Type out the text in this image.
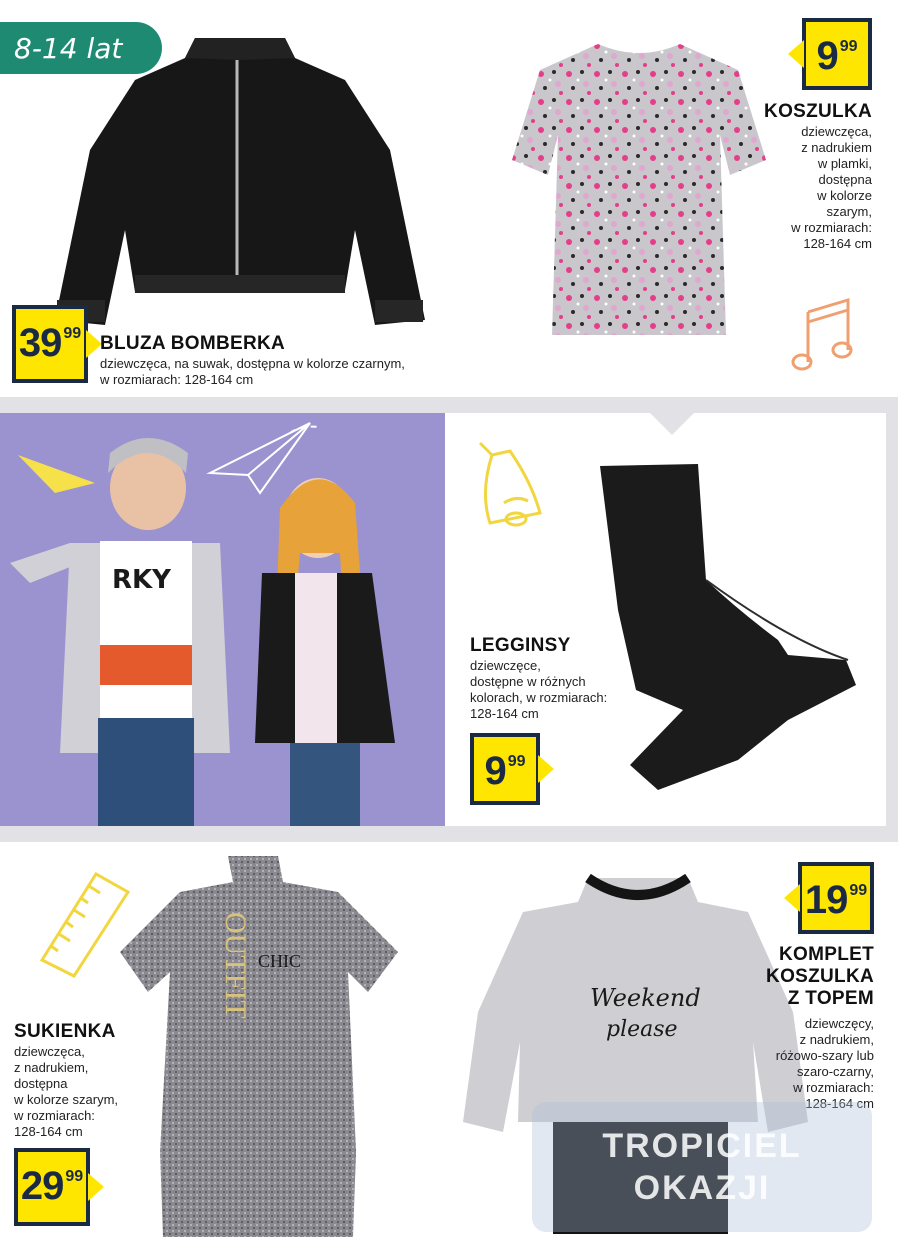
8-14 lat
39 99 BLUZA BOMBERKA
dziewczęca, na suwak, dostępna w kolorze czarnym,
w rozmiarach: 128-164 cm
9 99
KOSZULKA
dziewczęca,
z nadrukiem
w plamki,
dostępna
w kolorze
szarym,
w rozmiarach:
128-164 cm
RKY
LEGGINSY
dziewczęce,
dostępne w różnych
kolorach, w rozmiarach:
128-164 cm
9 99
OUTFIT CHIC
SUKIENKA
dziewczęca,
z nadrukiem,
dostępna
w kolorze szarym,
w rozmiarach:
128-164 cm
29 99
Weekend
please
19 99
KOMPLET
KOSZULKA
Z TOPEM
dziewczęcy,
z nadrukiem,
różowo-szary lub
szaro-czarny,
w rozmiarach:
128-164 cm
TROPICIEL
OKAZJI
